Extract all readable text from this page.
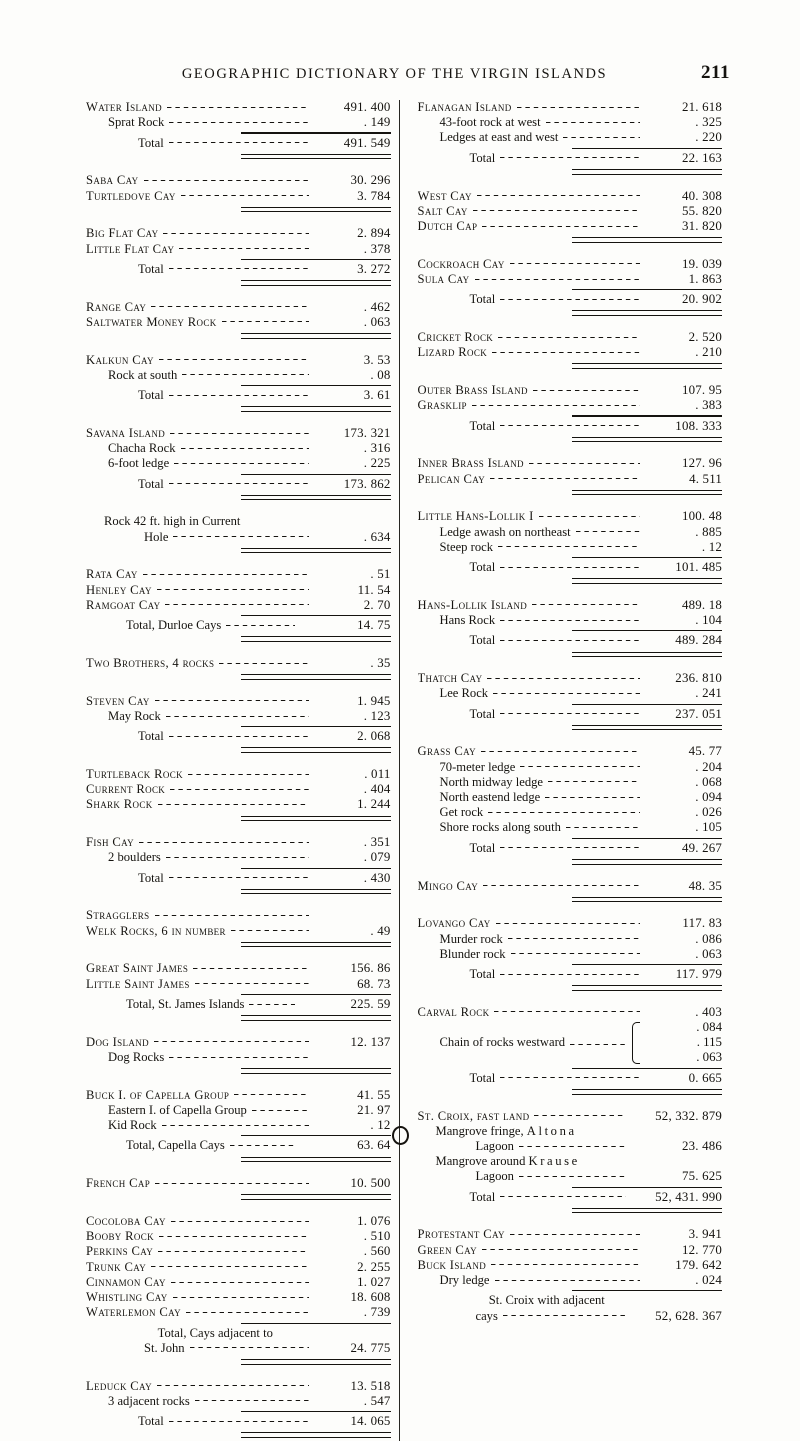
GEOGRAPHIC DICTIONARY OF THE VIRGIN ISLANDS	211
Water Island	491. 400
Sprat Rock	. 149
Total	491. 549
Saba Cay	30. 296
Turtledove Cay	3. 784
Big Flat Cay	2. 894
Little Flat Cay	. 378
Total	3. 272
Range Cay	. 462
Saltwater Money Rock	. 063
Kalkun Cay	3. 53
Rock at south	. 08
Total	3. 61
Savana Island	173. 321
Chacha Rock	. 316
6-foot ledge	. 225
Total	173. 862
Rock 42 ft. high in Current
Hole	. 634
Rata Cay	. 51
Henley Cay	11. 54
Ramgoat Cay	2. 70
Total, Durloe Cays	14. 75
Two Brothers, 4 rocks	. 35
Steven Cay	1. 945
May Rock	. 123
Total	2. 068
Turtleback Rock	. 011
Current Rock	. 404
Shark Rock	1. 244
Fish Cay	. 351
2 boulders	. 079
Total	. 430
Stragglers
Welk Rocks, 6 in number	. 49
Great Saint James	156. 86
Little Saint James	68. 73
Total, St. James Islands	225. 59
Dog Island	12. 137
Dog Rocks
Buck I. of Capella Group	41. 55
Eastern I. of Capella Group	21. 97
Kid Rock	. 12
Total, Capella Cays	63. 64
French Cap	10. 500
Cocoloba Cay	1. 076
Booby Rock	. 510
Perkins Cay	. 560
Trunk Cay	2. 255
Cinnamon Cay	1. 027
Whistling Cay	18. 608
Waterlemon Cay	. 739
Total, Cays adjacent to
St. John	24. 775
Leduck Cay	13. 518
3 adjacent rocks	. 547
Total	14. 065
Flanagan Island	21. 618
43-foot rock at west	. 325
Ledges at east and west	. 220
Total	22. 163
West Cay	40. 308
Salt Cay	55. 820
Dutch Cap	31. 820
Cockroach Cay	19. 039
Sula Cay	1. 863
Total	20. 902
Cricket Rock	2. 520
Lizard Rock	. 210
Outer Brass Island	107. 95
Grasklip	. 383
Total	108. 333
Inner Brass Island	127. 96
Pelican Cay	4. 511
Little Hans-Lollik I	100. 48
Ledge awash on northeast	. 885
Steep rock	. 12
Total	101. 485
Hans-Lollik Island	489. 18
Hans Rock	. 104
Total	489. 284
Thatch Cay	236. 810
Lee Rock	. 241
Total	237. 051
Grass Cay	45. 77
70-meter ledge	. 204
North midway ledge	. 068
North eastend ledge	. 094
Get rock	. 026
Shore rocks along south	. 105
Total	49. 267
Mingo Cay	48. 35
Lovango Cay	117. 83
Murder rock	. 086
Blunder rock	. 063
Total	117. 979
Carval Rock	. 403
Chain of rocks westward
. 084
. 115
. 063
Total	0. 665
St. Croix, fast land	52, 332. 879
Mangrove fringe, Altona
Lagoon	23. 486
Mangrove around Krause
Lagoon	75. 625
Total	52, 431. 990
Protestant Cay	3. 941
Green Cay	12. 770
Buck Island	179. 642
Dry ledge	. 024
St. Croix with adjacent
cays	52, 628. 367
